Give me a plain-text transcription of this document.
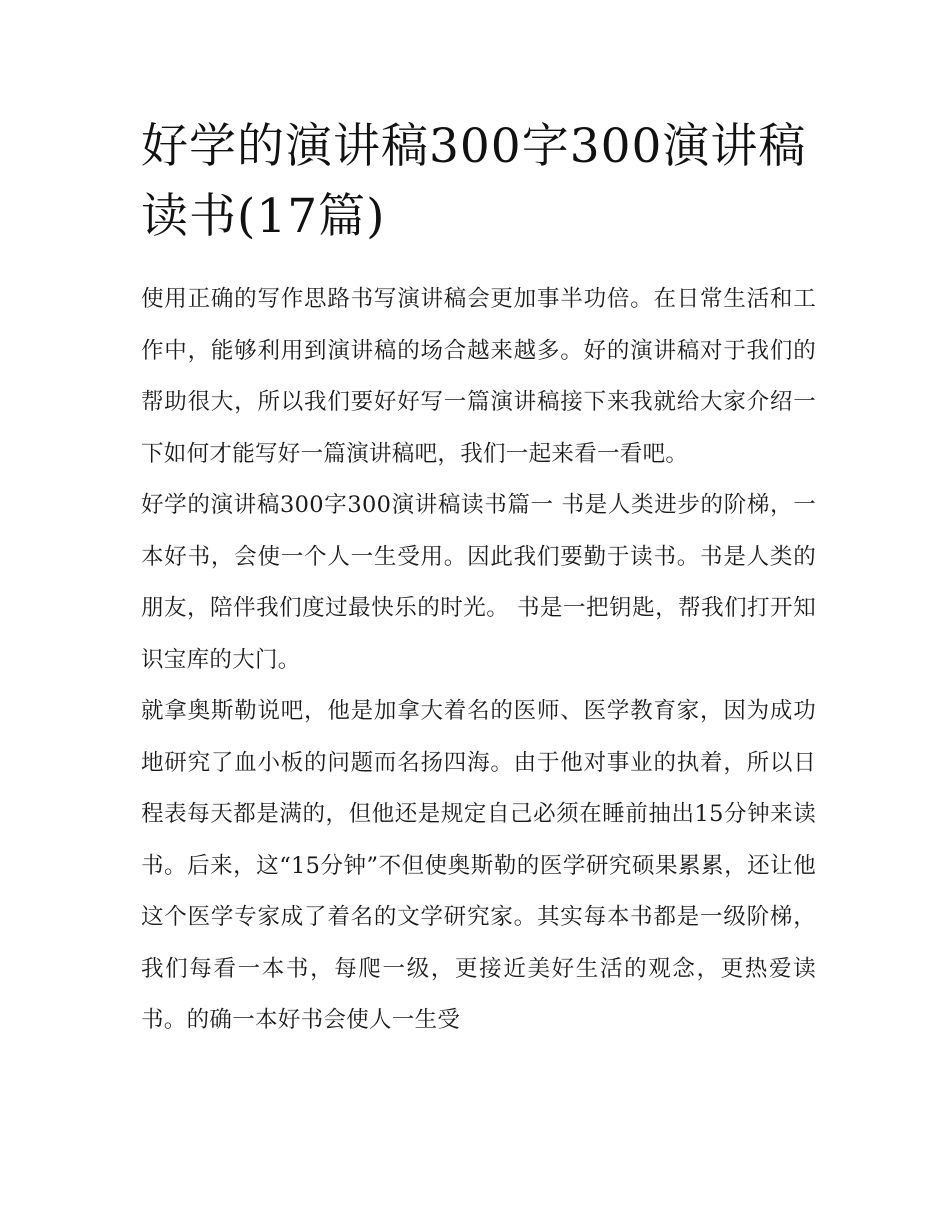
好学的演讲稿300字300演讲稿读书(17篇)

使用正确的写作思路书写演讲稿会更加事半功倍。在日常生活和工作中，能够利用到演讲稿的场合越来越多。好的演讲稿对于我们的帮助很大，所以我们要好好写一篇演讲稿接下来我就给大家介绍一下如何才能写好一篇演讲稿吧，我们一起来看一看吧。

好学的演讲稿300字300演讲稿读书篇一 书是人类进步的阶梯，一本好书，会使一个人一生受用。因此我们要勤于读书。书是人类的朋友，陪伴我们度过最快乐的时光。 书是一把钥匙，帮我们打开知识宝库的大门。

就拿奥斯勒说吧，他是加拿大着名的医师、医学教育家，因为成功地研究了血小板的问题而名扬四海。由于他对事业的执着，所以日程表每天都是满的，但他还是规定自己必须在睡前抽出15分钟来读书。后来，这“15分钟”不但使奥斯勒的医学研究硕果累累，还让他这个医学专家成了着名的文学研究家。其实每本书都是一级阶梯，我们每看一本书，每爬一级，更接近美好生活的观念，更热爱读书。的确一本好书会使人一生受
